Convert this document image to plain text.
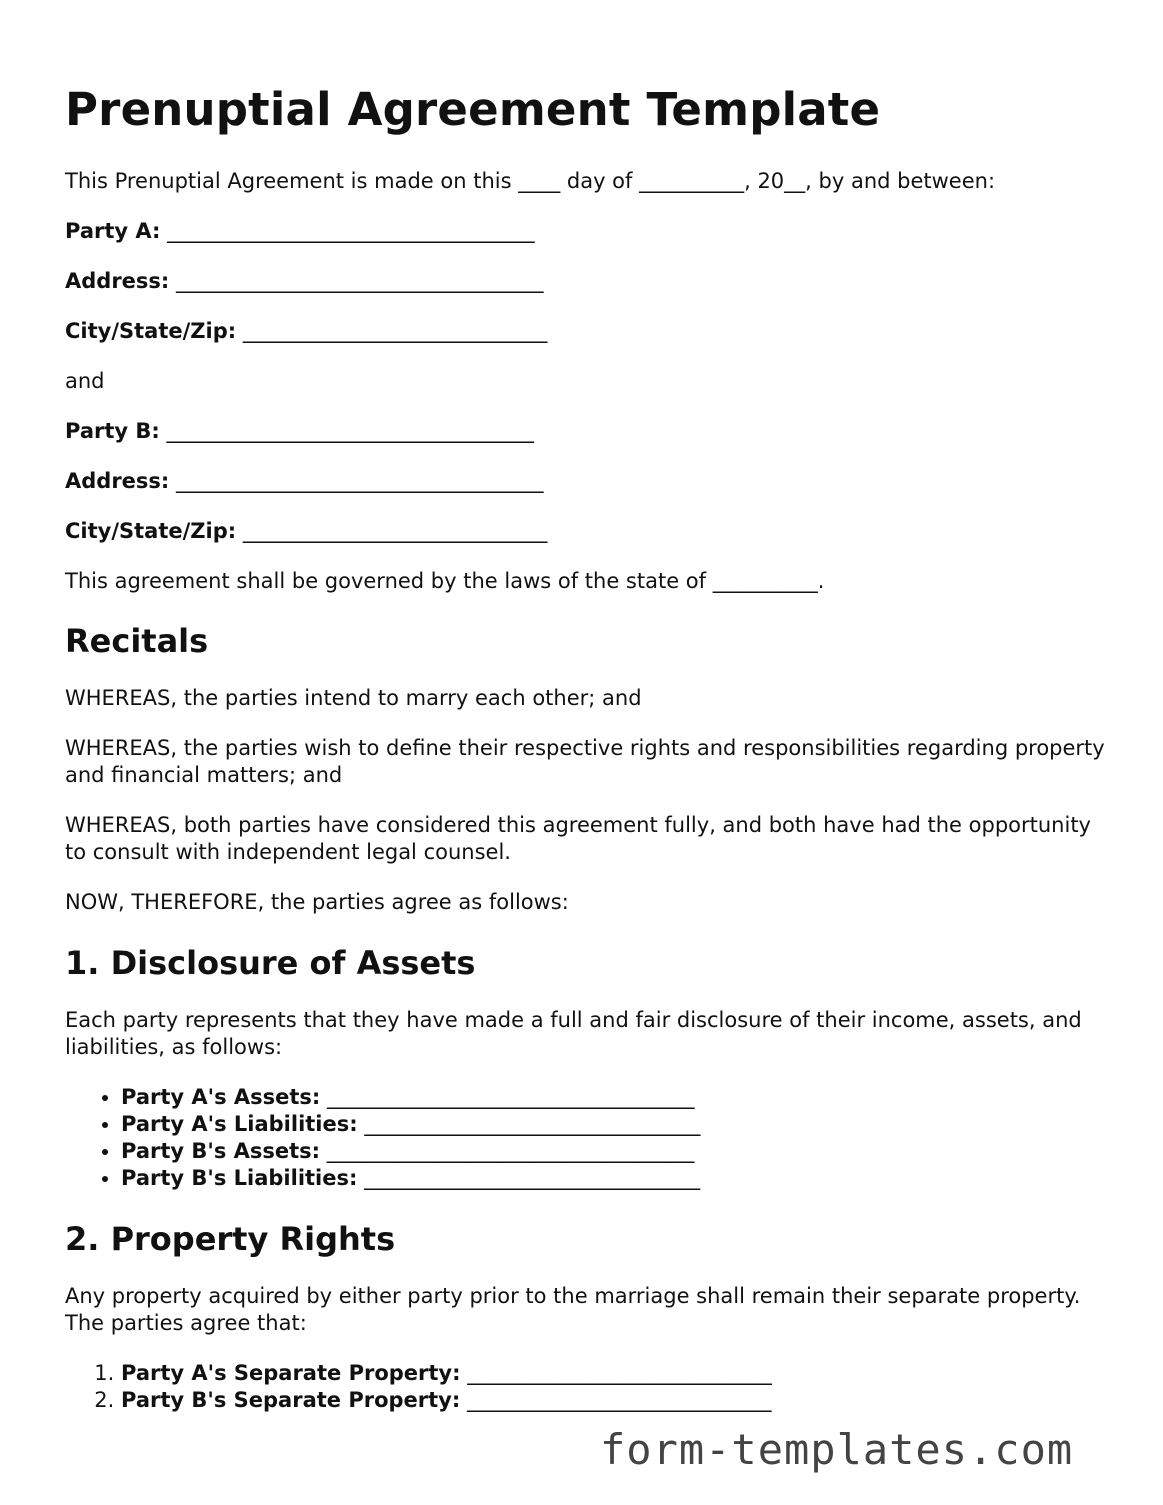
Prenuptial Agreement Template

This Prenuptial Agreement is made on this ____ day of __________, 20__, by and between:

Party A: ___________________________________
Address: ___________________________________
City/State/Zip: _____________________________

and

Party B: ___________________________________
Address: ___________________________________
City/State/Zip: _____________________________

This agreement shall be governed by the laws of the state of __________.

Recitals

WHEREAS, the parties intend to marry each other; and

WHEREAS, the parties wish to define their respective rights and responsibilities regarding property and financial matters; and

WHEREAS, both parties have considered this agreement fully, and both have had the opportunity to consult with independent legal counsel.

NOW, THEREFORE, the parties agree as follows:

1. Disclosure of Assets

Each party represents that they have made a full and fair disclosure of their income, assets, and liabilities, as follows:

• Party A's Assets: ___________________________________
• Party A's Liabilities: ________________________________
• Party B's Assets: ___________________________________
• Party B's Liabilities: ________________________________
2. Property Rights

Any property acquired by either party prior to the marriage shall remain their separate property. The parties agree that:

1. Party A's Separate Property: _____________________________
2. Party B's Separate Property: _____________________________
form-templates.com
